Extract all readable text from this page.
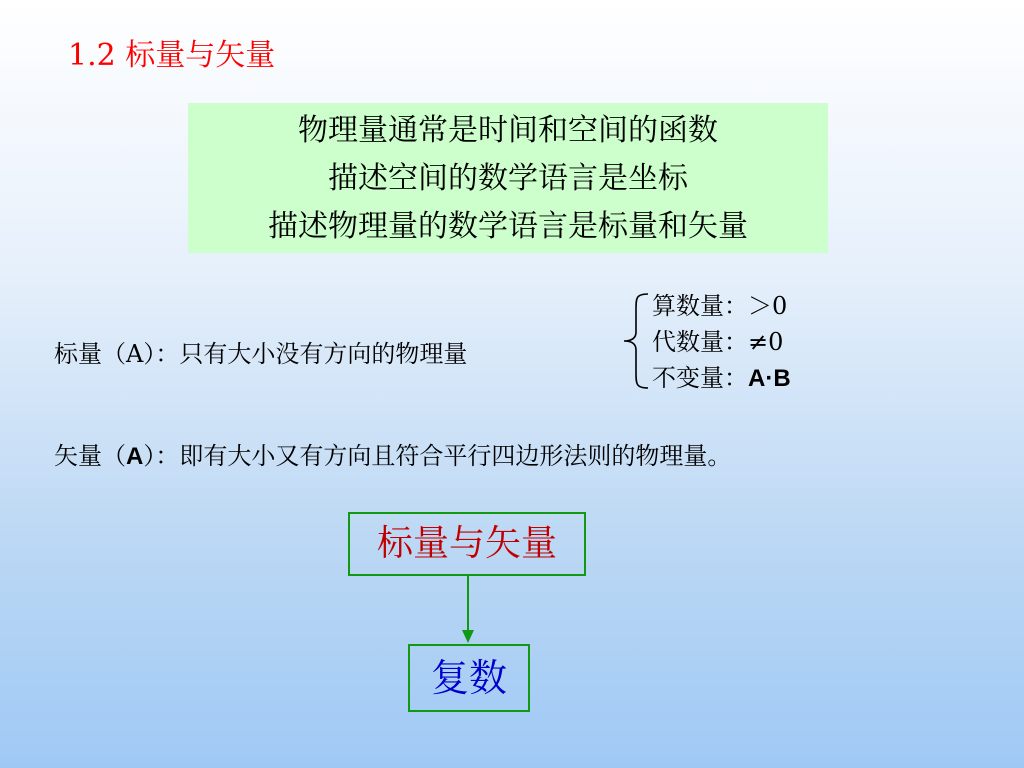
1.2 标量与矢量
物理量通常是时间和空间的函数
描述空间的数学语言是坐标
描述物理量的数学语言是标量和矢量
标量（A）：只有大小没有方向的物理量
算数量：＞0
代数量：≠0
不变量：A·B
矢量（A）：即有大小又有方向且符合平行四边形法则的物理量。
标量与矢量
复数
